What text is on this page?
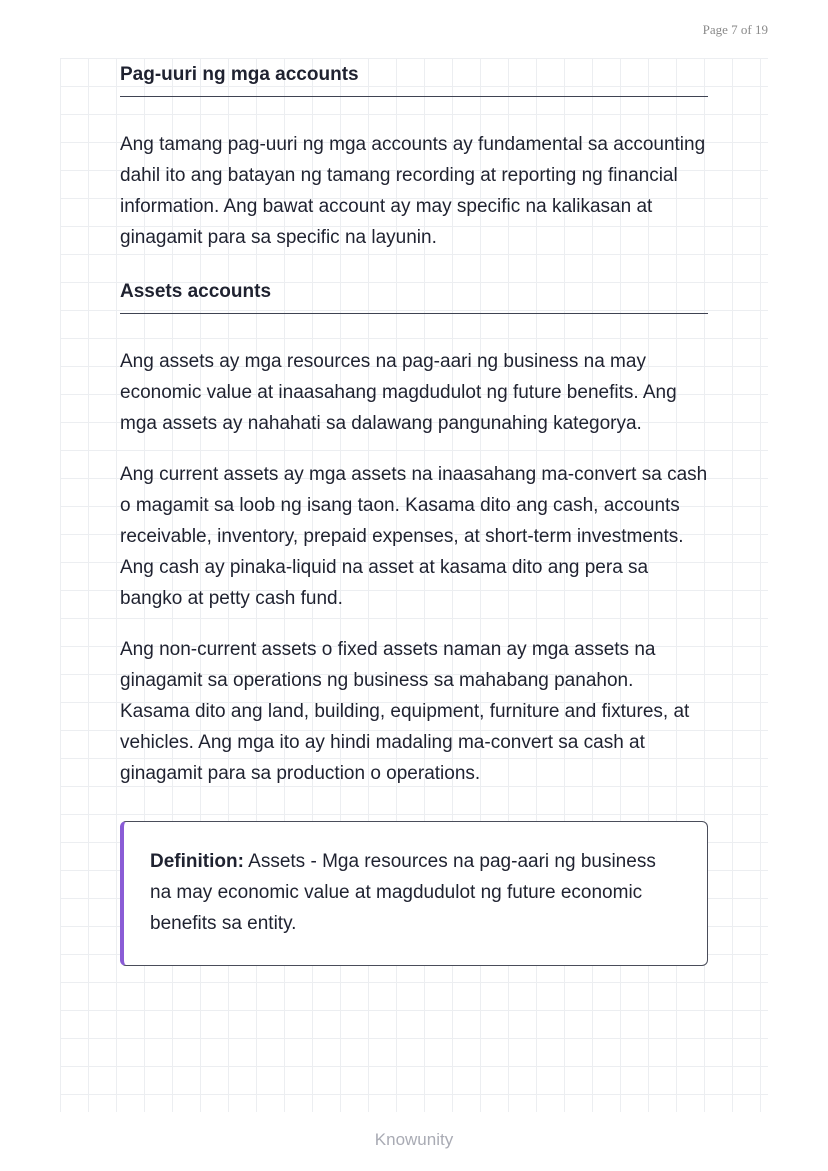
Page 7 of 19
Pag-uuri ng mga accounts

Ang tamang pag-uuri ng mga accounts ay fundamental sa accounting dahil ito ang batayan ng tamang recording at reporting ng financial information. Ang bawat account ay may specific na kalikasan at ginagamit para sa specific na layunin.

Assets accounts

Ang assets ay mga resources na pag-aari ng business na may economic value at inaasahang magdudulot ng future benefits. Ang mga assets ay nahahati sa dalawang pangunahing kategorya.

Ang current assets ay mga assets na inaasahang ma-convert sa cash o magamit sa loob ng isang taon. Kasama dito ang cash, accounts receivable, inventory, prepaid expenses, at short-term investments. Ang cash ay pinaka-liquid na asset at kasama dito ang pera sa bangko at petty cash fund.

Ang non-current assets o fixed assets naman ay mga assets na ginagamit sa operations ng business sa mahabang panahon. Kasama dito ang land, building, equipment, furniture and fixtures, at vehicles. Ang mga ito ay hindi madaling ma-convert sa cash at ginagamit para sa production o operations.

Definition: Assets - Mga resources na pag-aari ng business na may economic value at magdudulot ng future economic benefits sa entity.

Knowunity
